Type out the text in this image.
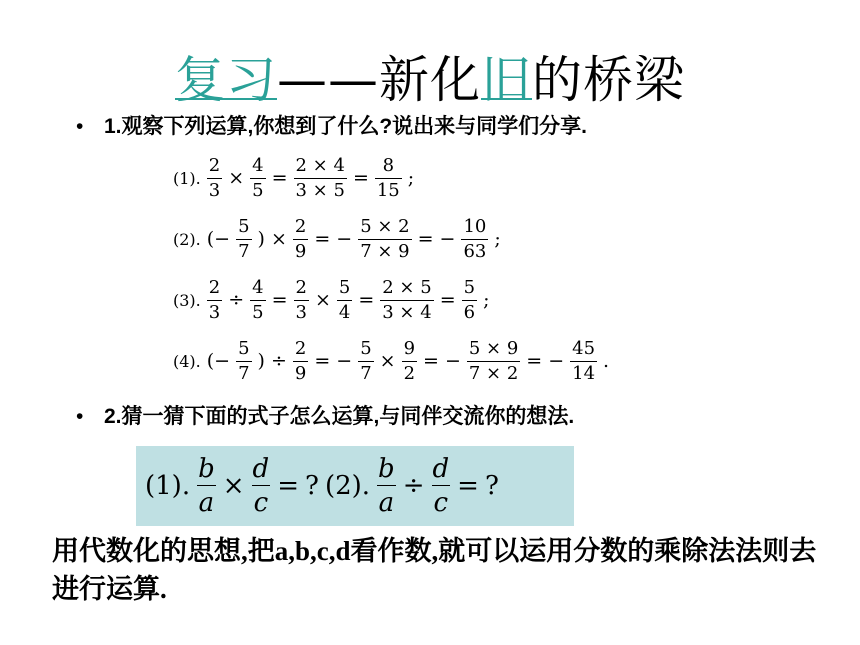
复习——新化旧的桥梁
• 1.观察下列运算,你想到了什么?说出来与同学们分享.
(1). $\frac{2}{3} \times \frac{4}{5} = \frac{2 \times 4}{3 \times 5} = \frac{8}{15}$ ;
(2). (− $\frac{5}{7}$ ) × $\frac{2}{9}$ = − $\frac{5 \times 2}{7 \times 9}$ = − $\frac{10}{63}$ ;
(3). $\frac{2}{3} \div \frac{4}{5} = \frac{2}{3} \times \frac{5}{4} = \frac{2 \times 5}{3 \times 4} = \frac{5}{6}$ ;
(4). (− $\frac{5}{7}$ ) ÷ $\frac{2}{9}$ = − $\frac{5}{7} \times \frac{9}{2}$ = − $\frac{5 \times 9}{7 \times 2}$ = − $\frac{45}{14}$ .
• 2.猜一猜下面的式子怎么运算,与同伴交流你的想法.
(1). $\frac{b}{a} \times \frac{d}{c}$ = ? (2). $\frac{b}{a} \div \frac{d}{c}$ = ?
用代数化的思想,把a,b,c,d看作数,就可以运用分数的乘除法法则去进行运算.
